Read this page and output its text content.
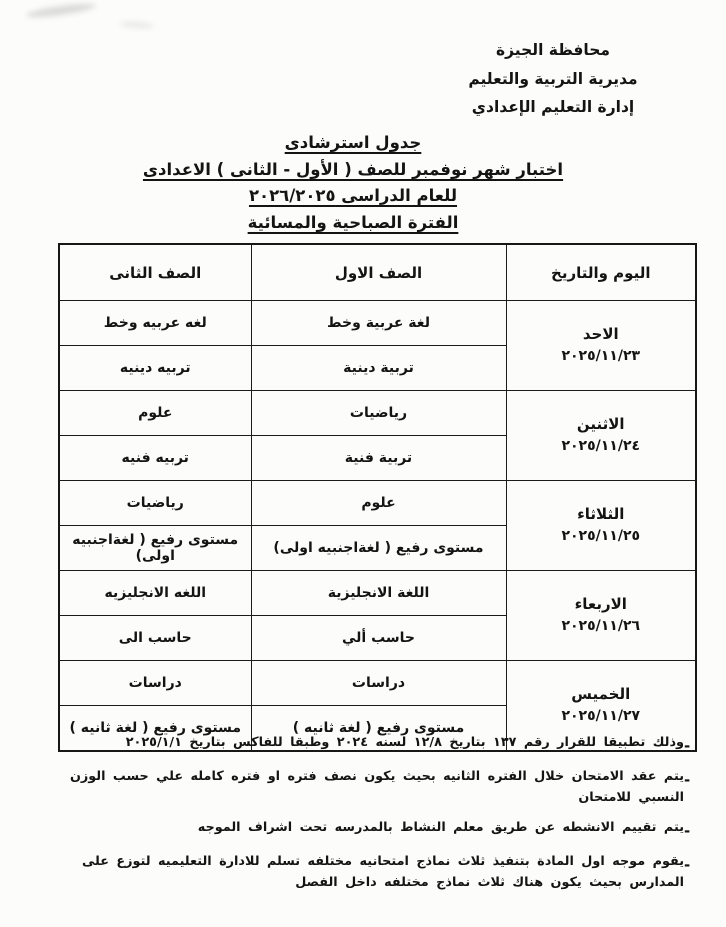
محافظة الجيزة
مديرية التربية والتعليم
إدارة التعليم الإعدادي
جدول استرشادى
اختبار شهر نوفمبر للصف ( الأول - الثانى ) الاعدادى
للعام الدراسى ٢٠٢٦/٢٠٢٥
الفترة الصباحية والمسائية
اليوم والتاريخ	الصف الاول	الصف الثانى

الاحد
٢٠٢٥/١١/٢٣	لغة عربية وخط	لغه عربيه وخط
	تربية دينية	تربيه دينيه

الاثنين
٢٠٢٥/١١/٢٤	رياضيات	علوم
	تربية فنية	تربيه فنيه

الثلاثاء
٢٠٢٥/١١/٢٥	علوم	رياضيات
	مستوى رفيع ( لغةاجنبيه اولى)	مستوى رفيع ( لغةاجنبيه اولى)

الاربعاء
٢٠٢٥/١١/٢٦	اللغة الانجليزية	اللغه الانجليزيه
	حاسب ألي	حاسب الى

الخميس
٢٠٢٥/١١/٢٧	دراسات	دراسات
	مستوى رفيع ( لغة ثانيه )	مستوى رفيع ( لغة ثانيه )
-
وذلك تطبيقا للقرار رقم ١٣٧ بتاريخ ١٢/٨ لسنه ٢٠٢٤ وطبقا للفاكس بتاريخ ٢٠٢٥/١/١
-
يتم عقد الامتحان خلال الفتره الثانيه بحيث يكون نصف فتره او فتره كامله علي حسب الوزن النسبي للامتحان
-
يتم تقييم الانشطه عن طريق معلم النشاط بالمدرسه تحت اشراف الموجه
-
يقوم موجه اول المادة بتنفيذ ثلاث نماذج امتحانيه مختلفه تسلم للادارة التعليميه لتوزع على المدارس بحيث يكون هناك ثلاث نماذج مختلفه داخل الفصل
